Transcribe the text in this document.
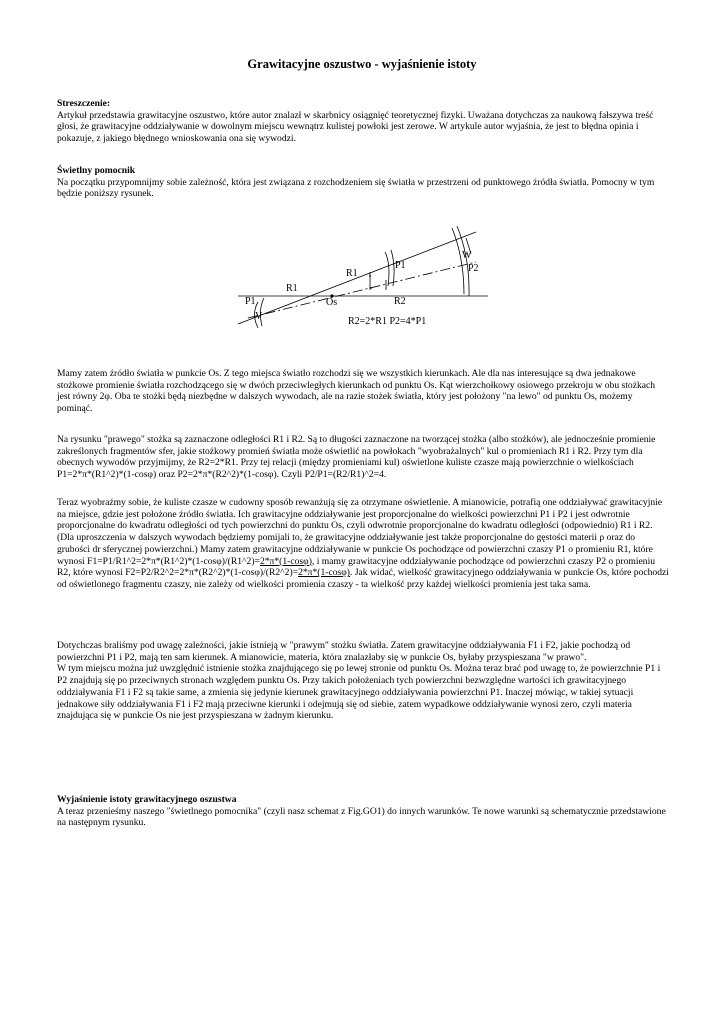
Grawitacyjne oszustwo - wyjaśnienie istoty

Streszczenie:

Artykuł przedstawia grawitacyjne oszustwo, które autor znalazł w skarbnicy osiągnięć teoretycznej fizyki. Uważana dotychczas za naukową fałszywa treść głosi, że grawitacyjne oddziaływanie w dowolnym miejscu wewnątrz kulistej powłoki jest zerowe. W artykule autor wyjaśnia, że jest to błędna opinia i pokazuje, z jakiego błędnego wnioskowania ona się wywodzi.

Świetlny pomocnik

Na początku przypomnijmy sobie zależność, która jest związana z rozchodzeniem się światła w przestrzeni od punktowego źródła światła. Pomocny w tym będzie poniższy rysunek.

R1
R1
R2
P1
P1
P2
W
V
Os
R2=2*R1 P2=4*P1

Mamy zatem źródło światła w punkcie Os. Z tego miejsca światło rozchodzi się we wszystkich kierunkach. Ale dla nas interesujące są dwa jednakowe stożkowe promienie światła rozchodzącego się w dwóch przeciwległych kierunkach od punktu Os. Kąt wierzchołkowy osiowego przekroju w obu stożkach jest równy 2φ. Oba te stożki będą niezbędne w dalszych wywodach, ale na razie stożek światła, który jest położony "na lewo" od punktu Os, możemy pominąć.

Na rysunku "prawego" stożka są zaznaczone odległości R1 i R2. Są to długości zaznaczone na tworzącej stożka (albo stożków), ale jednocześnie promienie zakreślonych fragmentów sfer, jakie stożkowy promień światła może oświetlić na powłokach "wyobrażalnych" kul o promieniach R1 i R2. Przy tym dla obecnych wywodów przyjmijmy, że R2=2*R1. Przy tej relacji (między promieniami kul) oświetlone kuliste czasze mają powierzchnie o wielkościach P1=2*π*(R1^2)*(1-cosφ) oraz P2=2*π*(R2^2)*(1-cosφ). Czyli P2/P1=(R2/R1)^2=4.

Teraz wyobraźmy sobie, że kuliste czasze w cudowny sposób rewanżują się za otrzymane oświetlenie. A mianowicie, potrafią one oddziaływać grawitacyjnie na miejsce, gdzie jest położone źródło światła. Ich grawitacyjne oddziaływanie jest proporcjonalne do wielkości powierzchni P1 i P2 i jest odwrotnie proporcjonalne do kwadratu odległości od tych powierzchni do punktu Os, czyli odwrotnie proporcjonalne do kwadratu odległości (odpowiednio) R1 i R2. (Dla uproszczenia w dalszych wywodach będziemy pomijali to, że grawitacyjne oddziaływanie jest także proporcjonalne do gęstości materii ρ oraz do grubości dr sferycznej powierzchni.) Mamy zatem grawitacyjne oddziaływanie w punkcie Os pochodzące od powierzchni czaszy P1 o promieniu R1, które wynosi F1=P1/R1^2=2*π*(R1^2)*(1-cosφ)/(R1^2)=2*π*(1-cosφ), i mamy grawitacyjne oddziaływanie pochodzące od powierzchni czaszy P2 o promieniu R2, które wynosi F2=P2/R2^2=2*π*(R2^2)*(1-cosφ)/(R2^2)=2*π*(1-cosφ). Jak widać, wielkość grawitacyjnego oddziaływania w punkcie Os, które pochodzi od oświetlonego fragmentu czaszy, nie zależy od wielkości promienia czaszy - ta wielkość przy każdej wielkości promienia jest taka sama.

Dotychczas braliśmy pod uwagę zależności, jakie istnieją w "prawym" stożku światła. Zatem grawitacyjne oddziaływania F1 i F2, jakie pochodzą od powierzchni P1 i P2, mają ten sam kierunek. A mianowicie, materia, która znalazłaby się w punkcie Os, byłaby przyspieszana "w prawo".

W tym miejscu można już uwzględnić istnienie stożka znajdującego się po lewej stronie od punktu Os. Można teraz brać pod uwagę to, że powierzchnie P1 i P2 znajdują się po przeciwnych stronach względem punktu Os. Przy takich położeniach tych powierzchni bezwzględne wartości ich grawitacyjnego oddziaływania F1 i F2 są takie same, a zmienia się jedynie kierunek grawitacyjnego oddziaływania powierzchni P1. Inaczej mówiąc, w takiej sytuacji jednakowe siły oddziaływania F1 i F2 mają przeciwne kierunki i odejmują się od siebie, zatem wypadkowe oddziaływanie wynosi zero, czyli materia znajdująca się w punkcie Os nie jest przyspieszana w żadnym kierunku.

Wyjaśnienie istoty grawitacyjnego oszustwa

A teraz przenieśmy naszego "świetlnego pomocnika" (czyli nasz schemat z Fig.GO1) do innych warunków. Te nowe warunki są schematycznie przedstawione na następnym rysunku.
